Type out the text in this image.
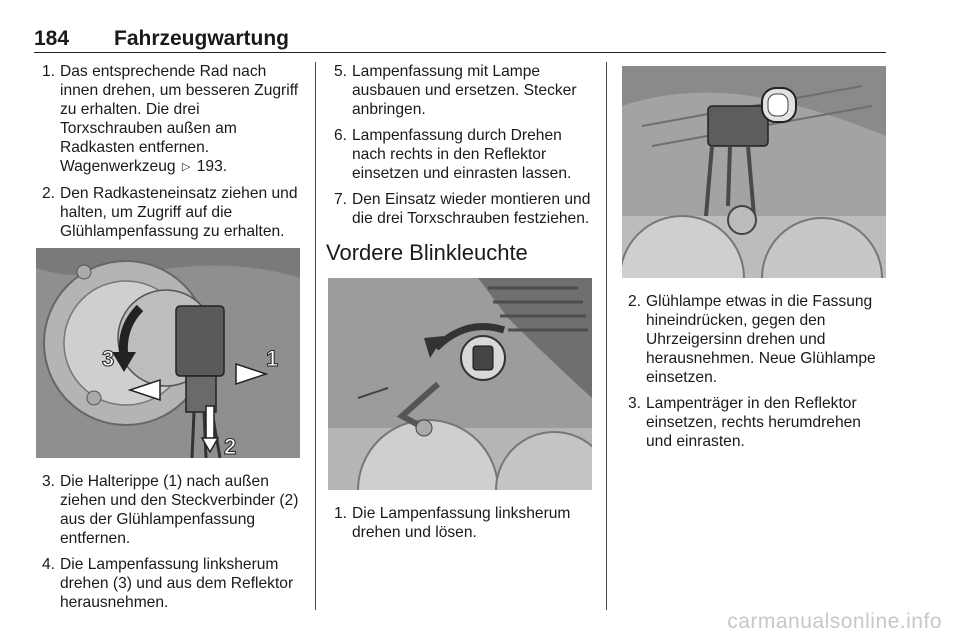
184 Fahrzeugwartung
1. Das entsprechende Rad nach innen drehen, um besseren Zugriff zu erhalten. Die drei Torxschrauben außen am Radkasten entfernen. Wagenwerkzeug ▷ 193.
2. Den Radkasteneinsatz ziehen und halten, um Zugriff auf die Glühlampenfassung zu erhalten.
3	1
2
3. Die Halterippe (1) nach außen ziehen und den Steckverbinder (2) aus der Glühlampenfassung entfernen.
4. Die Lampenfassung linksherum drehen (3) und aus dem Reflektor herausnehmen.
5. Lampenfassung mit Lampe ausbauen und ersetzen. Stecker anbringen.
6. Lampenfassung durch Drehen nach rechts in den Reflektor einsetzen und einrasten lassen.
7. Den Einsatz wieder montieren und die drei Torxschrauben festziehen.
Vordere Blinkleuchte
1. Die Lampenfassung linksherum drehen und lösen.
2. Glühlampe etwas in die Fassung hineindrücken, gegen den Uhrzeigersinn drehen und herausnehmen. Neue Glühlampe einsetzen.
3. Lampenträger in den Reflektor einsetzen, rechts herumdrehen und einrasten.
carmanualsonline.info
